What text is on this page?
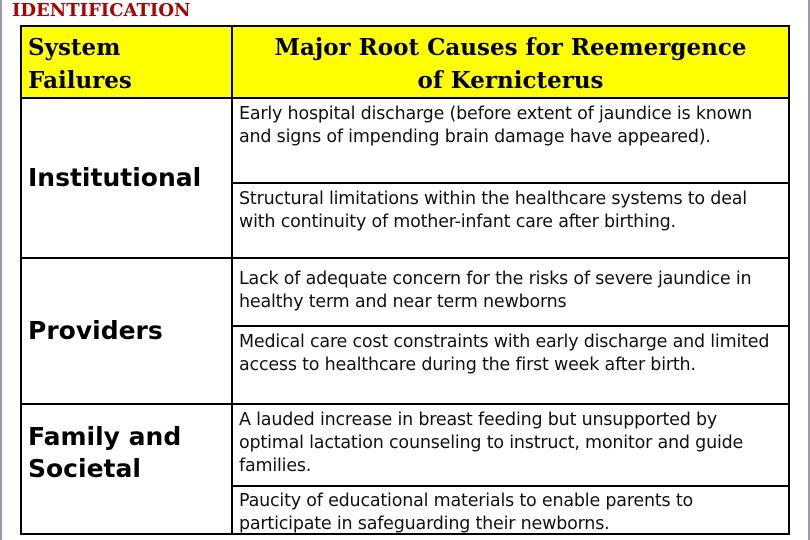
IDENTIFICATION
System Failures
Major Root Causes for Reemergence of Kernicterus
Institutional
Early hospital discharge (before extent of jaundice is known and signs of impending brain damage have appeared).
Structural limitations within the healthcare systems to deal with continuity of mother-infant care after birthing.
Providers
Lack of adequate concern for the risks of severe jaundice in healthy term and near term newborns
Medical care cost constraints with early discharge and limited access to healthcare during the first week after birth.
Family and Societal
A lauded increase in breast feeding but unsupported by optimal lactation counseling to instruct, monitor and guide families.
Paucity of educational materials to enable parents to participate in safeguarding their newborns.
